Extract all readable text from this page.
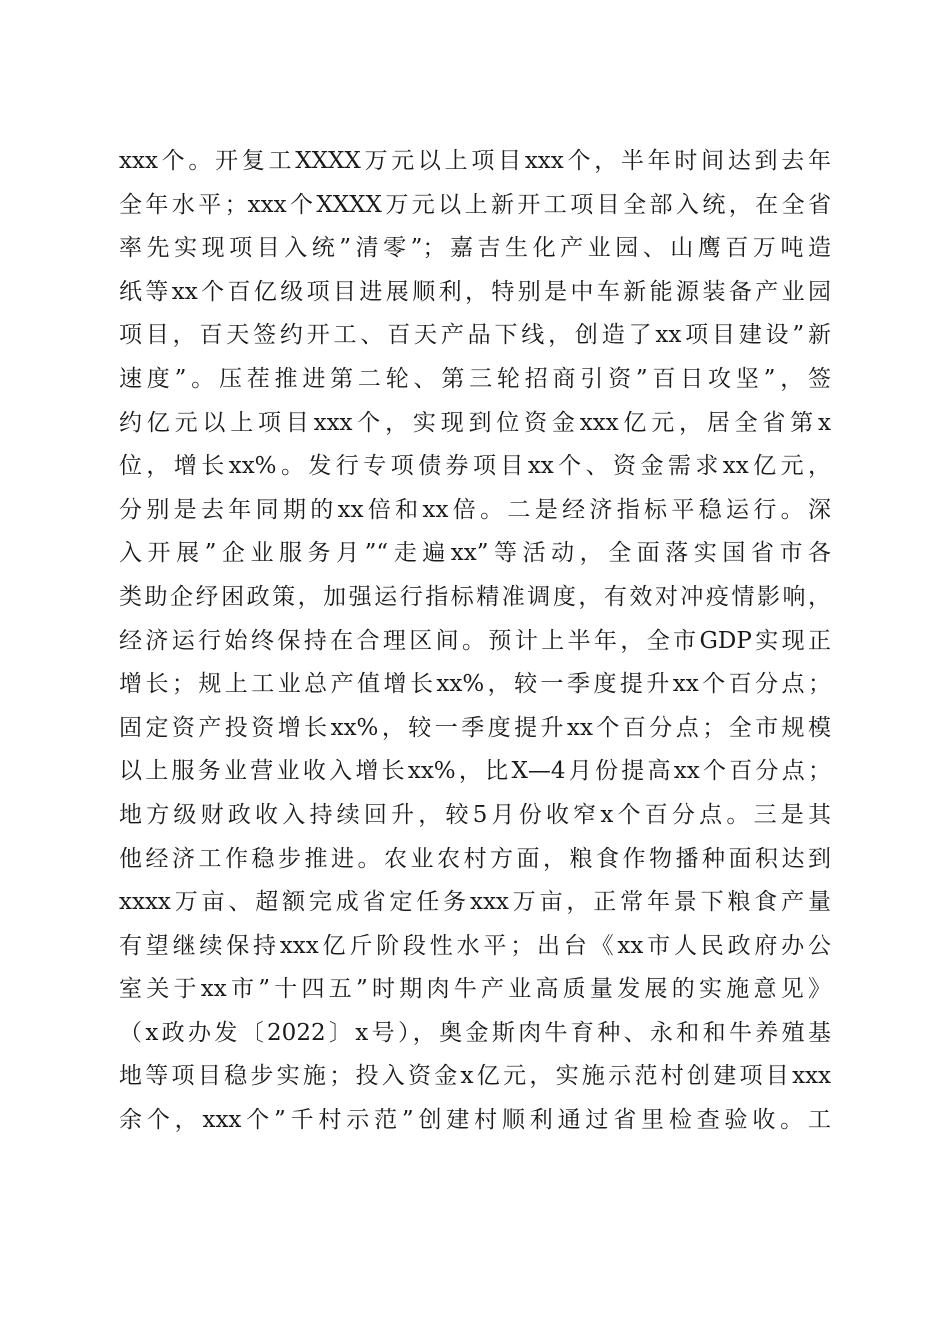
xxx个。开复工XXXX万元以上项目xxx个，半年时间达到去年
全年水平；xxx个XXXX万元以上新开工项目全部入统，在全省
率先实现项目入统”清零”；嘉吉生化产业园、山鹰百万吨造
纸等xx个百亿级项目进展顺利，特别是中车新能源装备产业园
项目，百天签约开工、百天产品下线，创造了xx项目建设”新
速度”。压茬推进第二轮、第三轮招商引资”百日攻坚”，签
约亿元以上项目xxx个，实现到位资金xxx亿元，居全省第x
位，增长xx%。发行专项债券项目xx个、资金需求xx亿元，
分别是去年同期的xx倍和xx倍。二是经济指标平稳运行。深
入开展”企业服务月”“走遍xx”等活动，全面落实国省市各
类助企纾困政策，加强运行指标精准调度，有效对冲疫情影响，
经济运行始终保持在合理区间。预计上半年，全市GDP实现正
增长；规上工业总产值增长xx%，较一季度提升xx个百分点；
固定资产投资增长xx%，较一季度提升xx个百分点；全市规模
以上服务业营业收入增长xx%，比X—4月份提高xx个百分点；
地方级财政收入持续回升，较5月份收窄x个百分点。三是其
他经济工作稳步推进。农业农村方面，粮食作物播种面积达到
xxxx万亩、超额完成省定任务xxx万亩，正常年景下粮食产量
有望继续保持xxx亿斤阶段性水平；出台《xx市人民政府办公
室关于xx市”十四五”时期肉牛产业高质量发展的实施意见》
（x政办发〔2022〕x号），奥金斯肉牛育种、永和和牛养殖基
地等项目稳步实施；投入资金x亿元，实施示范村创建项目xxx
余个，xxx个”千村示范”创建村顺利通过省里检查验收。工
